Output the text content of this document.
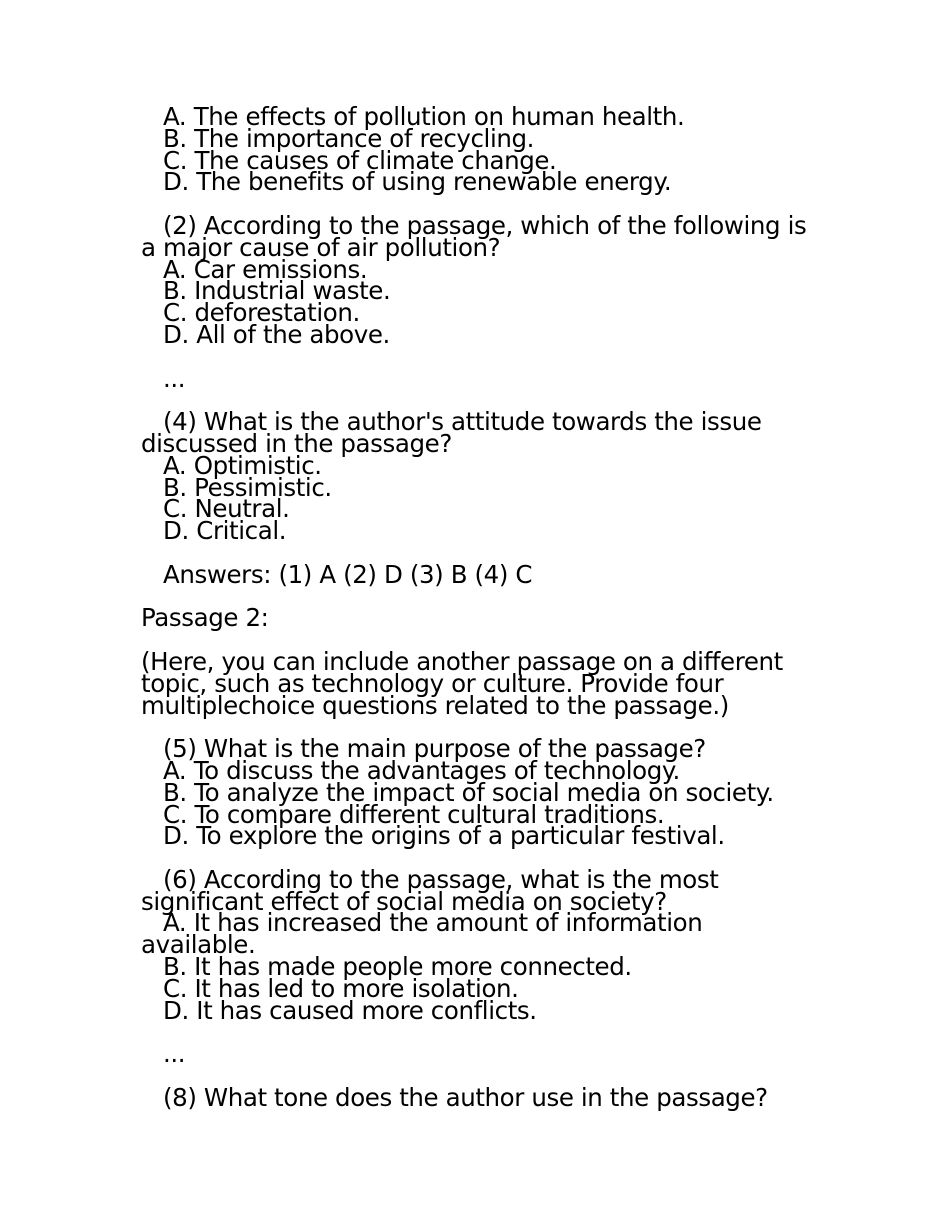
A. The effects of pollution on human health.
B. The importance of recycling.
C. The causes of climate change.
D. The benefits of using renewable energy.
(2) According to the passage, which of the following is
a major cause of air pollution?
A. Car emissions.
B. Industrial waste.
C. deforestation.
D. All of the above.
...
(4) What is the author's attitude towards the issue
discussed in the passage?
A. Optimistic.
B. Pessimistic.
C. Neutral.
D. Critical.
Answers: (1) A (2) D (3) B (4) C
Passage 2:
(Here, you can include another passage on a different
topic, such as technology or culture. Provide four
multiplechoice questions related to the passage.)
(5) What is the main purpose of the passage?
A. To discuss the advantages of technology.
B. To analyze the impact of social media on society.
C. To compare different cultural traditions.
D. To explore the origins of a particular festival.
(6) According to the passage, what is the most
significant effect of social media on society?
A. It has increased the amount of information
available.
B. It has made people more connected.
C. It has led to more isolation.
D. It has caused more conflicts.
...
(8) What tone does the author use in the passage?
